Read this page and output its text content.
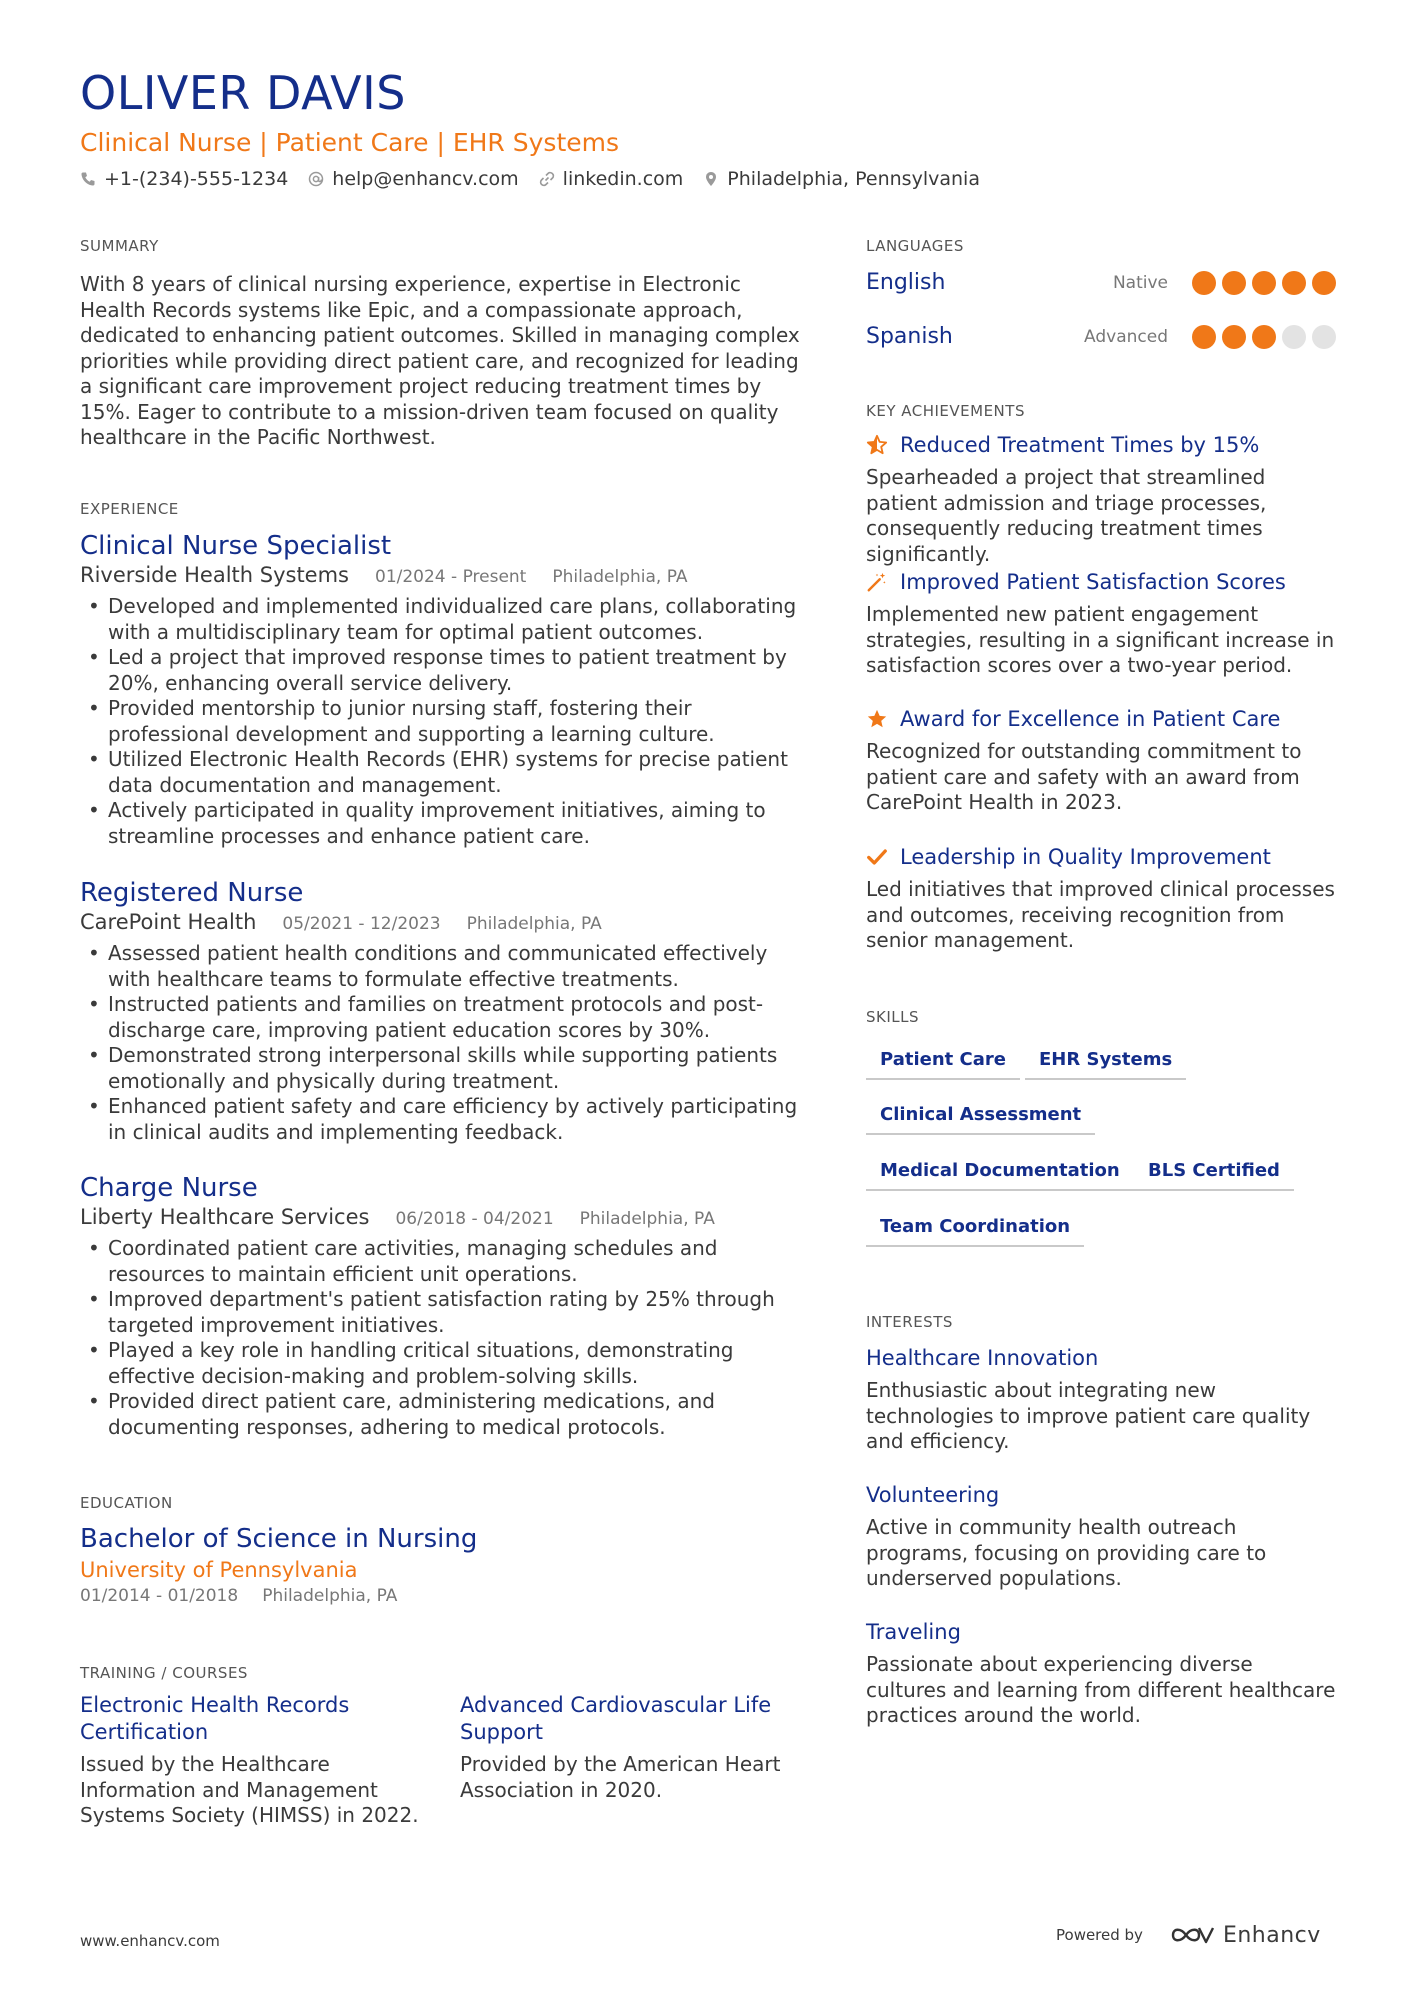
OLIVER DAVIS
Clinical Nurse | Patient Care | EHR Systems
+1-(234)-555-1234 help@enhancv.com linkedin.com Philadelphia, Pennsylvania
SUMMARY
With 8 years of clinical nursing experience, expertise in Electronic Health Records systems like Epic, and a compassionate approach, dedicated to enhancing patient outcomes. Skilled in managing complex priorities while providing direct patient care, and recognized for leading a significant care improvement project reducing treatment times by 15%. Eager to contribute to a mission-driven team focused on quality healthcare in the Pacific Northwest.
EXPERIENCE
Clinical Nurse Specialist
Riverside Health Systems 01/2024 - Present Philadelphia, PA
• Developed and implemented individualized care plans, collaborating with a multidisciplinary team for optimal patient outcomes.
• Led a project that improved response times to patient treatment by 20%, enhancing overall service delivery.
• Provided mentorship to junior nursing staff, fostering their professional development and supporting a learning culture.
• Utilized Electronic Health Records (EHR) systems for precise patient data documentation and management.
• Actively participated in quality improvement initiatives, aiming to streamline processes and enhance patient care.
Registered Nurse
CarePoint Health 05/2021 - 12/2023 Philadelphia, PA
• Assessed patient health conditions and communicated effectively with healthcare teams to formulate effective treatments.
• Instructed patients and families on treatment protocols and post-discharge care, improving patient education scores by 30%.
• Demonstrated strong interpersonal skills while supporting patients emotionally and physically during treatment.
• Enhanced patient safety and care efficiency by actively participating in clinical audits and implementing feedback.
Charge Nurse
Liberty Healthcare Services 06/2018 - 04/2021 Philadelphia, PA
• Coordinated patient care activities, managing schedules and resources to maintain efficient unit operations.
• Improved department's patient satisfaction rating by 25% through targeted improvement initiatives.
• Played a key role in handling critical situations, demonstrating effective decision-making and problem-solving skills.
• Provided direct patient care, administering medications, and documenting responses, adhering to medical protocols.
EDUCATION
Bachelor of Science in Nursing
University of Pennsylvania
01/2014 - 01/2018 Philadelphia, PA
TRAINING / COURSES
Electronic Health Records Certification
Issued by the Healthcare Information and Management Systems Society (HIMSS) in 2022.
Advanced Cardiovascular Life Support
Provided by the American Heart Association in 2020.
LANGUAGES
English	Native
Spanish	Advanced
KEY ACHIEVEMENTS
Reduced Treatment Times by 15%
Spearheaded a project that streamlined patient admission and triage processes, consequently reducing treatment times significantly.
Improved Patient Satisfaction Scores
Implemented new patient engagement strategies, resulting in a significant increase in satisfaction scores over a two-year period.
Award for Excellence in Patient Care
Recognized for outstanding commitment to patient care and safety with an award from CarePoint Health in 2023.
Leadership in Quality Improvement
Led initiatives that improved clinical processes and outcomes, receiving recognition from senior management.
SKILLS
Patient Care	EHR Systems
Clinical Assessment
Medical Documentation	BLS Certified
Team Coordination
INTERESTS
Healthcare Innovation
Enthusiastic about integrating new technologies to improve patient care quality and efficiency.
Volunteering
Active in community health outreach programs, focusing on providing care to underserved populations.
Traveling
Passionate about experiencing diverse cultures and learning from different healthcare practices around the world.
www.enhancv.com	Powered by	Enhancv
